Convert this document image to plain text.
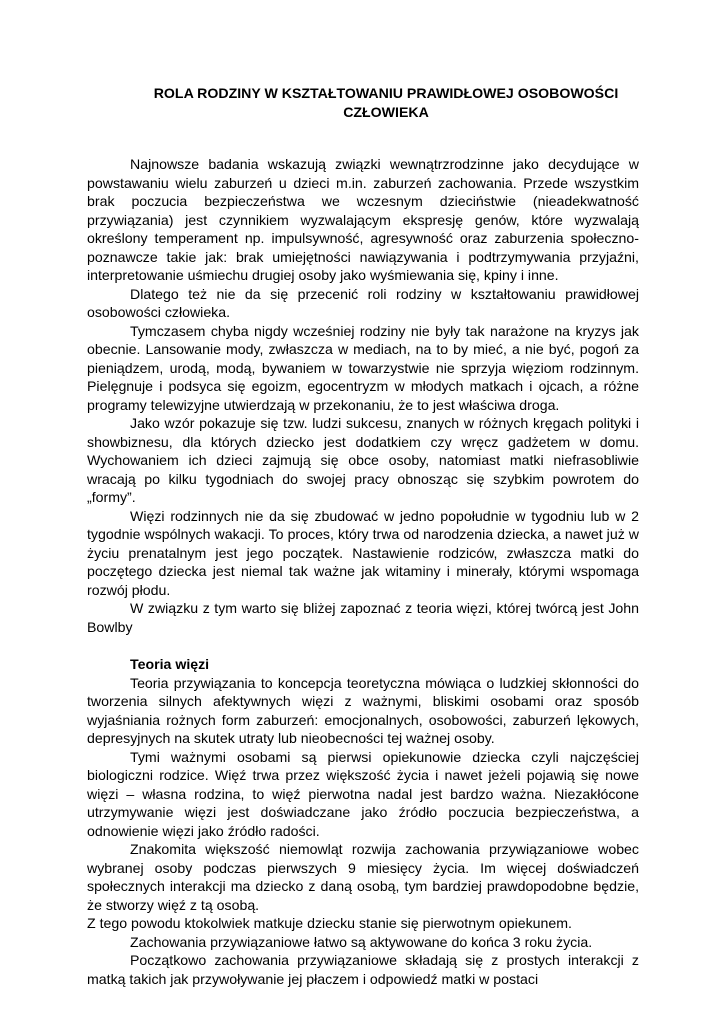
ROLA RODZINY W KSZTAŁTOWANIU PRAWIDŁOWEJ OSOBOWOŚCI
CZŁOWIEKA

Najnowsze badania wskazują związki wewnątrzrodzinne jako decydujące w powstawaniu wielu zaburzeń u dzieci m.in. zaburzeń zachowania. Przede wszystkim brak poczucia bezpieczeństwa we wczesnym dzieciństwie (nieadekwatność przywiązania) jest czynnikiem wyzwalającym ekspresję genów, które wyzwalają określony temperament np. impulsywność, agresywność oraz zaburzenia społeczno-poznawcze takie jak: brak umiejętności nawiązywania i podtrzymywania przyjaźni, interpretowanie uśmiechu drugiej osoby jako wyśmiewania się, kpiny i inne.

Dlatego też nie da się przecenić roli rodziny w kształtowaniu prawidłowej osobowości człowieka.

Tymczasem chyba nigdy wcześniej rodziny nie były tak narażone na kryzys jak obecnie. Lansowanie mody, zwłaszcza w mediach, na to by mieć, a nie być, pogoń za pieniądzem, urodą, modą, bywaniem w towarzystwie nie sprzyja więziom rodzinnym. Pielęgnuje i podsyca się egoizm, egocentryzm w młodych matkach i ojcach, a różne programy telewizyjne utwierdzają w przekonaniu, że to jest właściwa droga.

Jako wzór pokazuje się tzw. ludzi sukcesu, znanych w różnych kręgach polityki i showbiznesu, dla których dziecko jest dodatkiem czy wręcz gadżetem w domu. Wychowaniem ich dzieci zajmują się obce osoby, natomiast matki niefrasobliwie wracają po kilku tygodniach do swojej pracy obnosząc się szybkim powrotem do „formy”.

Więzi rodzinnych nie da się zbudować w jedno popołudnie w tygodniu lub w 2 tygodnie wspólnych wakacji. To proces, który trwa od narodzenia dziecka, a nawet już w życiu prenatalnym jest jego początek. Nastawienie rodziców, zwłaszcza matki do poczętego dziecka jest niemal tak ważne jak witaminy i minerały, którymi wspomaga rozwój płodu.

W związku z tym warto się bliżej zapoznać z teoria więzi, której twórcą jest John Bowlby

Teoria więzi

Teoria przywiązania to koncepcja teoretyczna mówiąca o ludzkiej skłonności do tworzenia silnych afektywnych więzi z ważnymi, bliskimi osobami oraz sposób wyjaśniania rożnych form zaburzeń: emocjonalnych, osobowości, zaburzeń lękowych, depresyjnych na skutek utraty lub nieobecności tej ważnej osoby.

Tymi ważnymi osobami są pierwsi opiekunowie dziecka czyli najczęściej biologiczni rodzice. Więź trwa przez większość życia i nawet jeżeli pojawią się nowe więzi – własna rodzina, to więź pierwotna nadal jest bardzo ważna. Niezakłócone utrzymywanie więzi jest doświadczane jako źródło poczucia bezpieczeństwa, a odnowienie więzi jako źródło radości.

Znakomita większość niemowląt rozwija zachowania przywiązaniowe wobec wybranej osoby podczas pierwszych 9 miesięcy życia. Im więcej doświadczeń społecznych interakcji ma dziecko z daną osobą, tym bardziej prawdopodobne będzie, że stworzy więź z tą osobą.

Z tego powodu ktokolwiek matkuje dziecku stanie się pierwotnym opiekunem.

Zachowania przywiązaniowe łatwo są aktywowane do końca 3 roku życia.

Początkowo zachowania przywiązaniowe składają się z prostych interakcji z matką takich jak przywoływanie jej płaczem i odpowiedź matki w postaci
